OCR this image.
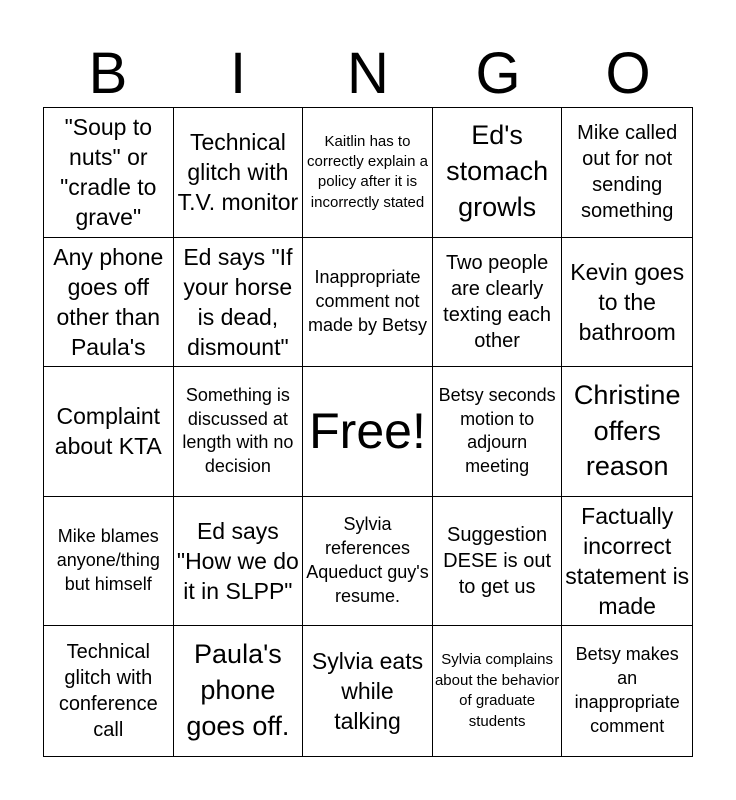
B	I	N	G	O
"Soup to nuts" or "cradle to grave"
Technical glitch with T.V. monitor
Kaitlin has to correctly explain a policy after it is incorrectly stated
Ed's stomach growls
Mike called out for not sending something
Any phone goes off other than Paula's
Ed says "If your horse is dead, dismount"
Inappropriate comment not made by Betsy
Two people are clearly texting each other
Kevin goes to the bathroom
Complaint about KTA
Something is discussed at length with no decision
Free!
Betsy seconds motion to adjourn meeting
Christine offers reason
Mike blames anyone/thing but himself
Ed says "How we do it in SLPP"
Sylvia references Aqueduct guy's resume.
Suggestion DESE is out to get us
Factually incorrect statement is made
Technical glitch with conference call
Paula's phone goes off.
Sylvia eats while talking
Sylvia complains about the behavior of graduate students
Betsy makes an inappropriate comment
